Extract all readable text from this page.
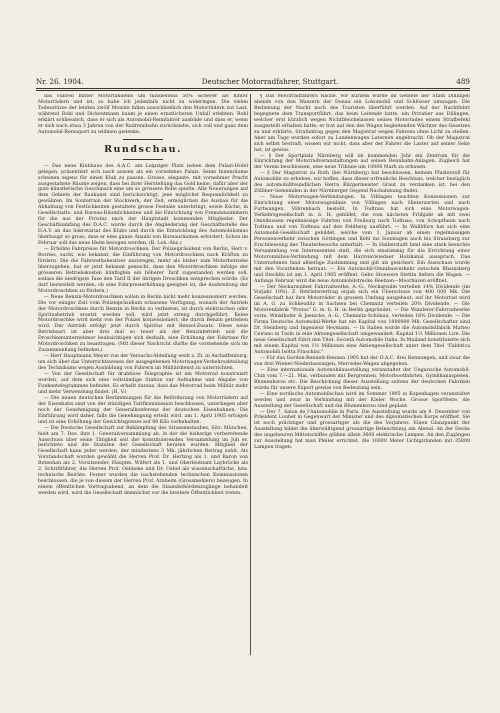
Nr. 26. 1904.	Deutscher Motorradfahrer, Stuttgart.	489

das Fahren hinter Motortandems um mindestens 50% sicherer als hinter Motorrädern und ist, so habe ich jedenfalls nicht zu widerlegen. Die vielen Todesstürze der letzten zwölf Monate fallen ausschließlich den Motorrädern zur Last, während Robl und Dickentmann kaum je einen ernstlicheren Unfall erlebten. Robl erklärt schliesslich, dass er sich als Automobil-Rennfahrer ausbilde und dass er, wenn er sich nach etwa 3 Jahren von der Radrennbahn zurückziehe, sich voll und ganz dem Automobil-Rennsport zu widmen gedenke.

Rundschau.

— Das neue Klubhaus des A.A.C. am Leipziger Platz neben dem Palast-Hotel gelegen, präsentiert sich nach aussen als ein vornehmes Palais. Seine Innenräume scheinen eigens für einen Klub zu passen. Grosse, elegante, mit vornehmer Pracht ausgestattete Räume zeigen, dass bei ihrer Herstellung das Gold keine, dafür aber der gute künstlerische Geschmack eine um so grössere Rolle spielte. Alle Neuerungen auf dem Gebiete der Baukunst sind berücksichtigt, jene möglichst Bequemlichkeit zu gewähren. Im Souterrain der Stockwerk, der Zeit, ermöglichen die Ausbau für die Abhaltung von Festlichkeiten gestaltete grosse Festsäle unterbringt, sowie Küche, in Gesellschafts- und Bureau-Räumlichkeiten und die Einrichtung von Fremdenzimmern für die aus der Provinz nach der Hauptstadt kommenden Mitglieder. Der Geschäftsumfang des D.A.C. wurde durch die Angliederung der Geschäftsstelle des D.A.V. an das Sekretariat des Klubs und durch die Entwicklung des Automobilismus überhaupt so gross, dass er eine ganze Anzahl von Bureauräumen erfordert. Schon im Februar soll das neue Heim bezogen werden. (B. Lok.-Anz.)

— Erhöhte Fahrpreise für Motordroschken. Der Polizeipräsident von Berlin, Herr v. Borries, sucht, wie bekannt, die Einführung von Motordroschken nach Kräften zu fördern. Die die Fahrwerksbesitzer anzuregen, mehr als bisher zum Motorbetriebe überzugehen, hat er jetzt bekannt gemacht, dass den Motordroschken infolge der grösseren Betriebskosten künftighin ein höherer Tarif zugestanden werden soll, sodass die niedrigste Taxe den Tarif II der übrigen Droschken entsprechen würde. (Es darf bezweifelt werden, ob eine Fahrpreiserhöhung geeignet ist, die Ausbreitung der Motordroschken zu fördern.)

— Neue Benzin-Motordroschken sollen in Berlin nicht mehr konzessioniert werden. Die vor einiger Zeit vom Polizeipräsidium erlassene Verfügung, wonach der Antrieb der Motordroschken durch Benzin in Berlin zu verbieten, ist durch elektrischen oder Spiritusbetrieb ersetzt werden soll, wird jetzt streng durchgeführt. Keine Motordroschke wird mehr von der Polizei konzessioniert, die durch Benzin getrieben wird. Der Antrieb erfolgt jetzt durch Spiritus mit Benzol-Zusatz. Diese neue Betriebsart ist aber drei mal so teuer als der Benzinbetrieb und die Droschkenunternehmer beabsichtigen sich deshalb, eine Erhöhung der Fahrtaxe für Motordroschken zu beantragen. (Mit dieser Nachricht dürfte die vorstehende sich im Zusammenhang befinden.)

— Herr Hauptmann Meyer von der Versuchs-Abteilung weilt z. Zt. in Aschaffenburg, um sich über das Unterrichtswesen der ausgegebenen Motorwagen-Verkehrsabteilung des Technikums wegen Ausbildung von Fahrern im Militärdienst zu unterrichten.

— Von der Gesellschaft für drahtlose Telegraphie ist ein Motorrad konstruiert worden, auf dem sich eine vollständige Station zur Aufnahme und Abgabe von Funkentelegrammen befindet. Es erhellt daraus, dass das Motorrad beim Militär mehr und mehr Verwendung findet. (H. V.)

— Die neuen deutschen Bestimmungen für die Beförderung von Motorrädern auf der Eisenbahn sind von der ständigen Tarifkommission beschlossen, unterliegen aber noch der Genehmigung der Generalkonferenz der deutschen Eisenbahnen. Die Einführung wird daher, falls die Genehmigung erteilt wird, am 1. April 1905 erfolgen und ist eine Erhöhung der Gewichtsgrenze auf 80 Kilo vorbehalten.

— Die Deutsche Gesellschaft zur Bekämpfung des Strassenstaubes, Sitz: München, hielt am 7. Dez. ihre 1. Generalversammlung ab, in der die bisherige vorbereitende Ausschuss über seine Tätigkeit seit der konstituierenden Versammlung im Juli er. berichtete und die Statuten der Gesellschaft beraten wurden. Mitglied der Gesellschaft kann jeder werden, der mindestens 3 Mk. jährlichen Beitrag zahlt. Als Vorstandschaft wurden gewählt die Herren Prof. Dr. Hertzog als 1. und Baron von Rotenhan als 2. Vorsitzender, Hauptm. Wilfert als 1. und Oberleutnant Laybrücke als 2. Schriftführer, die Herren Prof. Oebbeke und Dr. Uebel als wissenschaftliche, bzw. technische Beiräte. Ferner wurden die nachstehenden technischen Kommissionen beschlossen, die je von diesem der Herren Prof. Arnheim (Grossmehlers) bezeugen. In einem öffentlichen Vortragsabend, an dem die Staatsbehördenzugänge behandelt werden wird, wird die Gesellschaft demnächst vor die breitere Öffentlichkeit treten.

§ Das Motorradfahrers Rache. Vor kurzem wurde im Gebiete der Stadt Dillingen abends von den Wassern der Donau ein Lokomobil und Schlösser umwagen. Die Bedienung der Nacht noch des Touristen überführt werden. Auf der Nachtfahrt begegnete dem Transportfährt, das beim Leitende hatte, ein Privatier aus Dillingen, welcher erst kürzlich wegen Nichtbleichelassen seines Motorrades einem Strafbefehl ausgestellt erhalten hatte; er trat auf den des Wagen begleitenden Wächter des Gesetzes zu und erklärte, Strafantrag gegen den Magistrat wegen Fahrens ohne Licht zu stellen. Aber am Tage wurden sofort zu Landenwagen Laternen angebracht. Ob der Magistrat sich selbst bestraft, wissen wir nicht, dass aber der Fahrer die Laster auf seiner Seite hat, ist gewiss.

— § Der Sportplatz Nürnberg will im kommenden Jahr ein Zentrum für die Einrichtung der Motorradveranstaltungen auf seinen Rennbahn-Anlagen. Zugleich hat der Verein beschlossen, eine neue Tribüne um 10000 Mark zu erbauen.

— § Der Magistrat zu Roth (bei Nürnberg) hat beschlossen, keinem Pfasterzoll für Automobile zu erheben; wir hoffen, dass dieser erfreuliche Beschluss, welcher bezüglich des automobilfreundlichen Herrn Bürgermeister Graut zu verdanken ist, bei den Zölllner-Gemeinden in der Nürnberger Gegend Nachahmung findet.

— Neue Motorwagen-Verbindungen. In Villingen tauchten Konzessionen zur Einrichtung einer Motorwagenlinie von Villingen nach Hinterzarten und nach Furtwangen, Vöhrenbach bestellt. In Todtnau hat sich eine Motorwagen-Verkehrsgesellschaft m. b. H. gebildet, die vom nächsten Frühjahr ab mit zwei Omnibussen regelmässige Fahrten von Freiburg nach Todtnau, von Schopfheim nach Todtnau und von Todtnau auf den Feldberg ausführt. — In Wallldürn hat sich eine Automobil-Gesellschaft gebildet, welche vom 1. Januar ab einen regelmässigen Personenverkehr zwischen Göttingen und Kehl ins Sonntagen auch bis Strassburg zur Erschliessung des Theaterbesuchs unterhält. — In Halberstadt fand eine stark besuchte Versammlung von Interessenten statt, die sich einstimmig für die Errichtung einer Motoromnibus-Verbindung mit dem Harzvierwiedaer Holzkanal aussprach. Das Unternehmen fand allseitige Zustimmung und gilt als gesichert. Ein Ausschuss wurde mit den Vorarbeiten betraut. — Ein Automobil-Omnibusverkehr zwischen Rheinsberg und Stecklin ist am 1. April 1905 eröffnet. Gebr. Stoewers Stettin liefern die Wagen. — Anfangs Februar wird die neue Automobilstrecke Beetzen—Moorhaven eröffnet.

— Der Neckarsulmer Fahrradwerke, A.-G., Neckarsulm verteilen 14% Dividende (im Vorjahr 10%). Z. Betriebsvertrag ergab sich ein Überschuss von 400 000 Mk. Die Gesellschaft hat ihre Motorräder in grossen Umfang ausgebaut; auf ihr Motorrad wird im A. G. zu Schkeuditz in Sachsen bei Chemnitz verteilen 20% Dividende. — Die Motorenfabrik "Protos" G. m. b. H. in Berlin gegründet. — Die Wanderer-Fahrradwerke vorm. Winklhofer & Jaenicke, A.-G., Chemnitz-Schönau, verteilen 16% Dividende. — Die Firma Deutsche Automobil-Werke hat ein Kapital von 1800000 Mk. Gesellschafter sind Dr. Steinberg und Ingenieur Heymann. — In Italien wurde die Automobilfabrik Matteo Ceirano in Turin in eine Aktiengesellschaft umgewandelt. Kapital 1½ Millionen Lire. Die neue Gesellschaft führt den Titel: Società Automobile Italia. In Mailand konstituierte sich mit einem Kapital von 1½ Millionen eine Aktiengesellschaft unter dem Titel "Fabbrica Automobili Isotta Fraschini."

— Für das Gordon-Bennett-Rennen 1905 hat der D.A.C. drei Rennungen, und zwar die von drei Wiener-Niederlassungen, Mercedes-Wagen abgegeben.

— Eine internationale Automobilausstellung veranstaltet der Ungarische Automobil-Club vom 7.—21. Mai, verbunden mit Bergrennen, Motorbootfahrten, Gymkhanaspielen, Blumenkorso etc. Die Beschickung dieser Ausstellung seitens der deutschen Fabriken würde für unsere Export gewiss von Bedeutung sein.

— Eine nordische Automobilschau wird im Sommer 1905 in Kopenhagen veranstaltet werden und zwar in Verbindung mit der Kieler Woche. Grosse Sportfeste, die Ausstellung der Gesellschaft und ein Blumenkorso sind geplant.

— Der 7. Salon de l'Automobile in Paris. Die Ausstellung wurde am 9. Dezember von Präsident Loubet in Gegenwart der Minister und des diplomatischen Korps eröffnet. Sie ist noch prächtiger und grossartiger als die des Vorjahres. Einen Glanzpunkt der Ausstellung bildet die überwältigend grossartige Beleuchtung am Abend. An der Decke des ungeheuren Mittelschiffes glühen allein 3600 elektrische Lampen. An den Zugängen zur Ausstellung hat man Pfeiler errichtet, die 10000 Meter Lichtgirlanden mit 35000 Lampen tragen.
